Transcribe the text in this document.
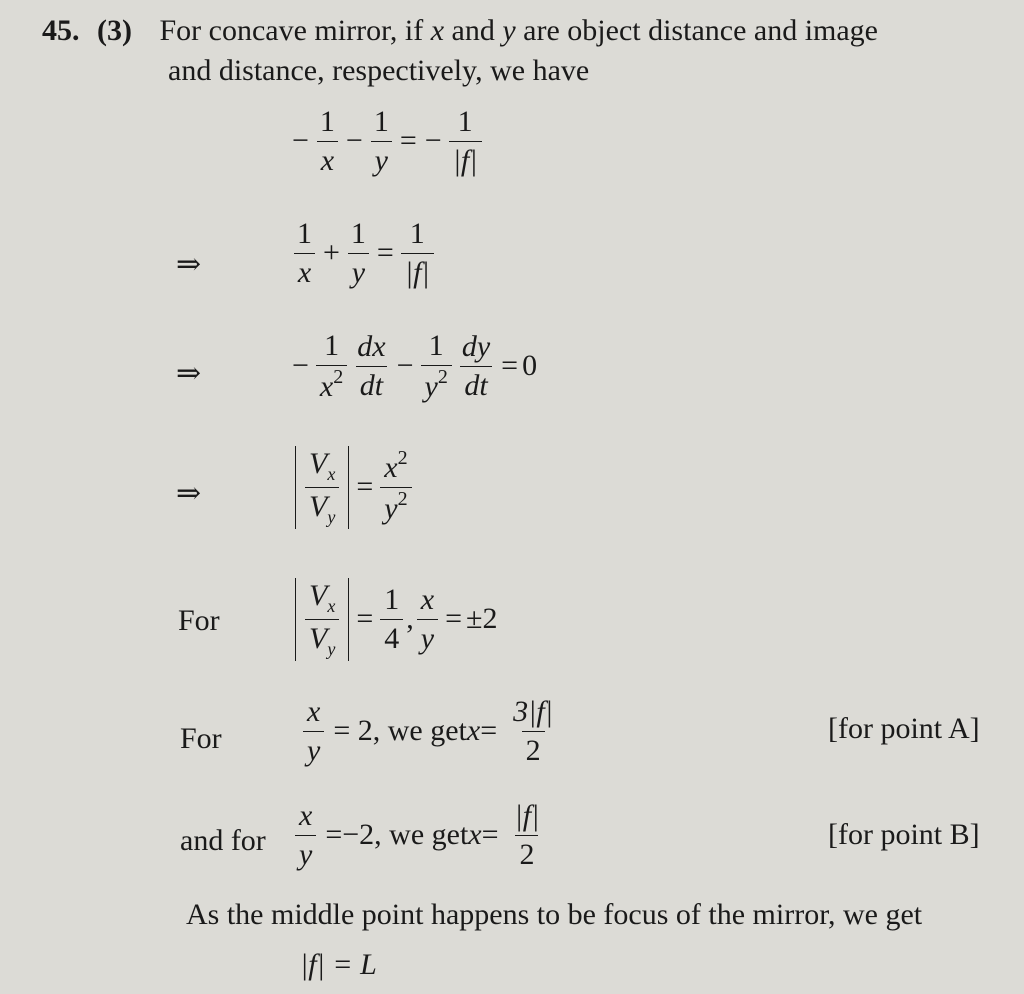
45. (3) For concave mirror, if x and y are object distance and image
and distance, respectively, we have
− $\frac{1}{x} - \frac{1}{y}$ = − $\frac{1}{|f|}$
⇒	$\frac{1}{x} + \frac{1}{y} = \frac{1}{|f|}$
⇒	− $\frac{1}{x^2} \frac{dx}{dt} - \frac{1}{y^2} \frac{dy}{dt} = 0$
⇒	$\frac{V_x}{V_y} = \frac{x^2}{y^2}$
For	$\frac{V_x}{V_y} = \frac{1}{4}$ , $\frac{x}{y} = \pm 2$
For	$\frac{x}{y} = 2$, we get $x = \frac{3|f|}{2}$	[for point A]
and for $\frac{x}{y} =-2$, we get $x = \frac{|f|}{2}$	[for point B]
As the middle point happens to be focus of the mirror, we get
|f| = L
